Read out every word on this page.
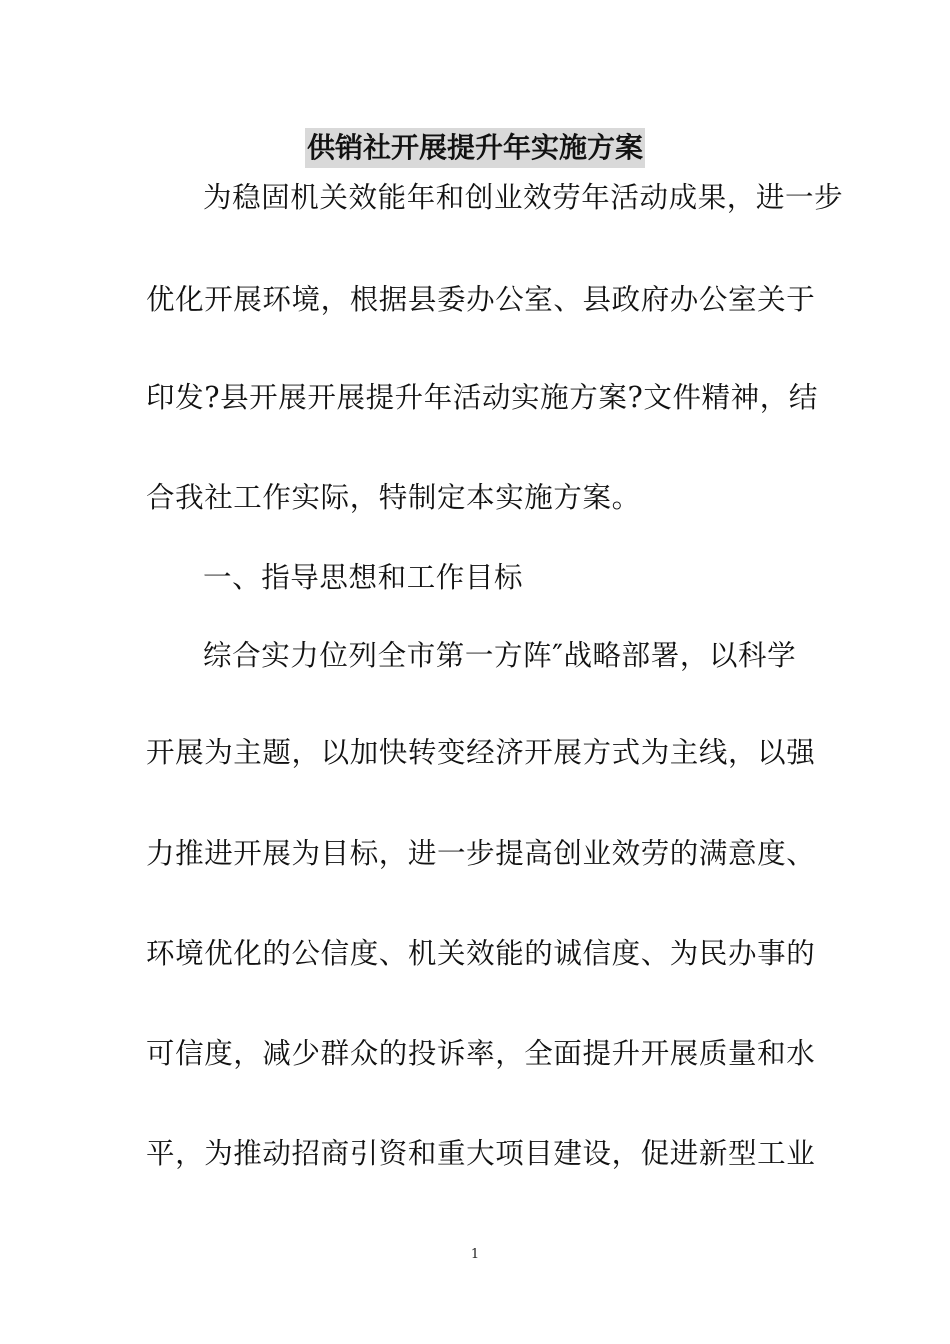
供销社开展提升年实施方案
为稳固机关效能年和创业效劳年活动成果，进一步
优化开展环境，根据县委办公室、县政府办公室关于
印发?县开展开展提升年活动实施方案?文件精神，结
合我社工作实际，特制定本实施方案。
一、指导思想和工作目标
综合实力位列全市第一方阵″战略部署，以科学
开展为主题，以加快转变经济开展方式为主线，以强
力推进开展为目标，进一步提高创业效劳的满意度、
环境优化的公信度、机关效能的诚信度、为民办事的
可信度，减少群众的投诉率，全面提升开展质量和水
平，为推动招商引资和重大项目建设，促进新型工业
1
